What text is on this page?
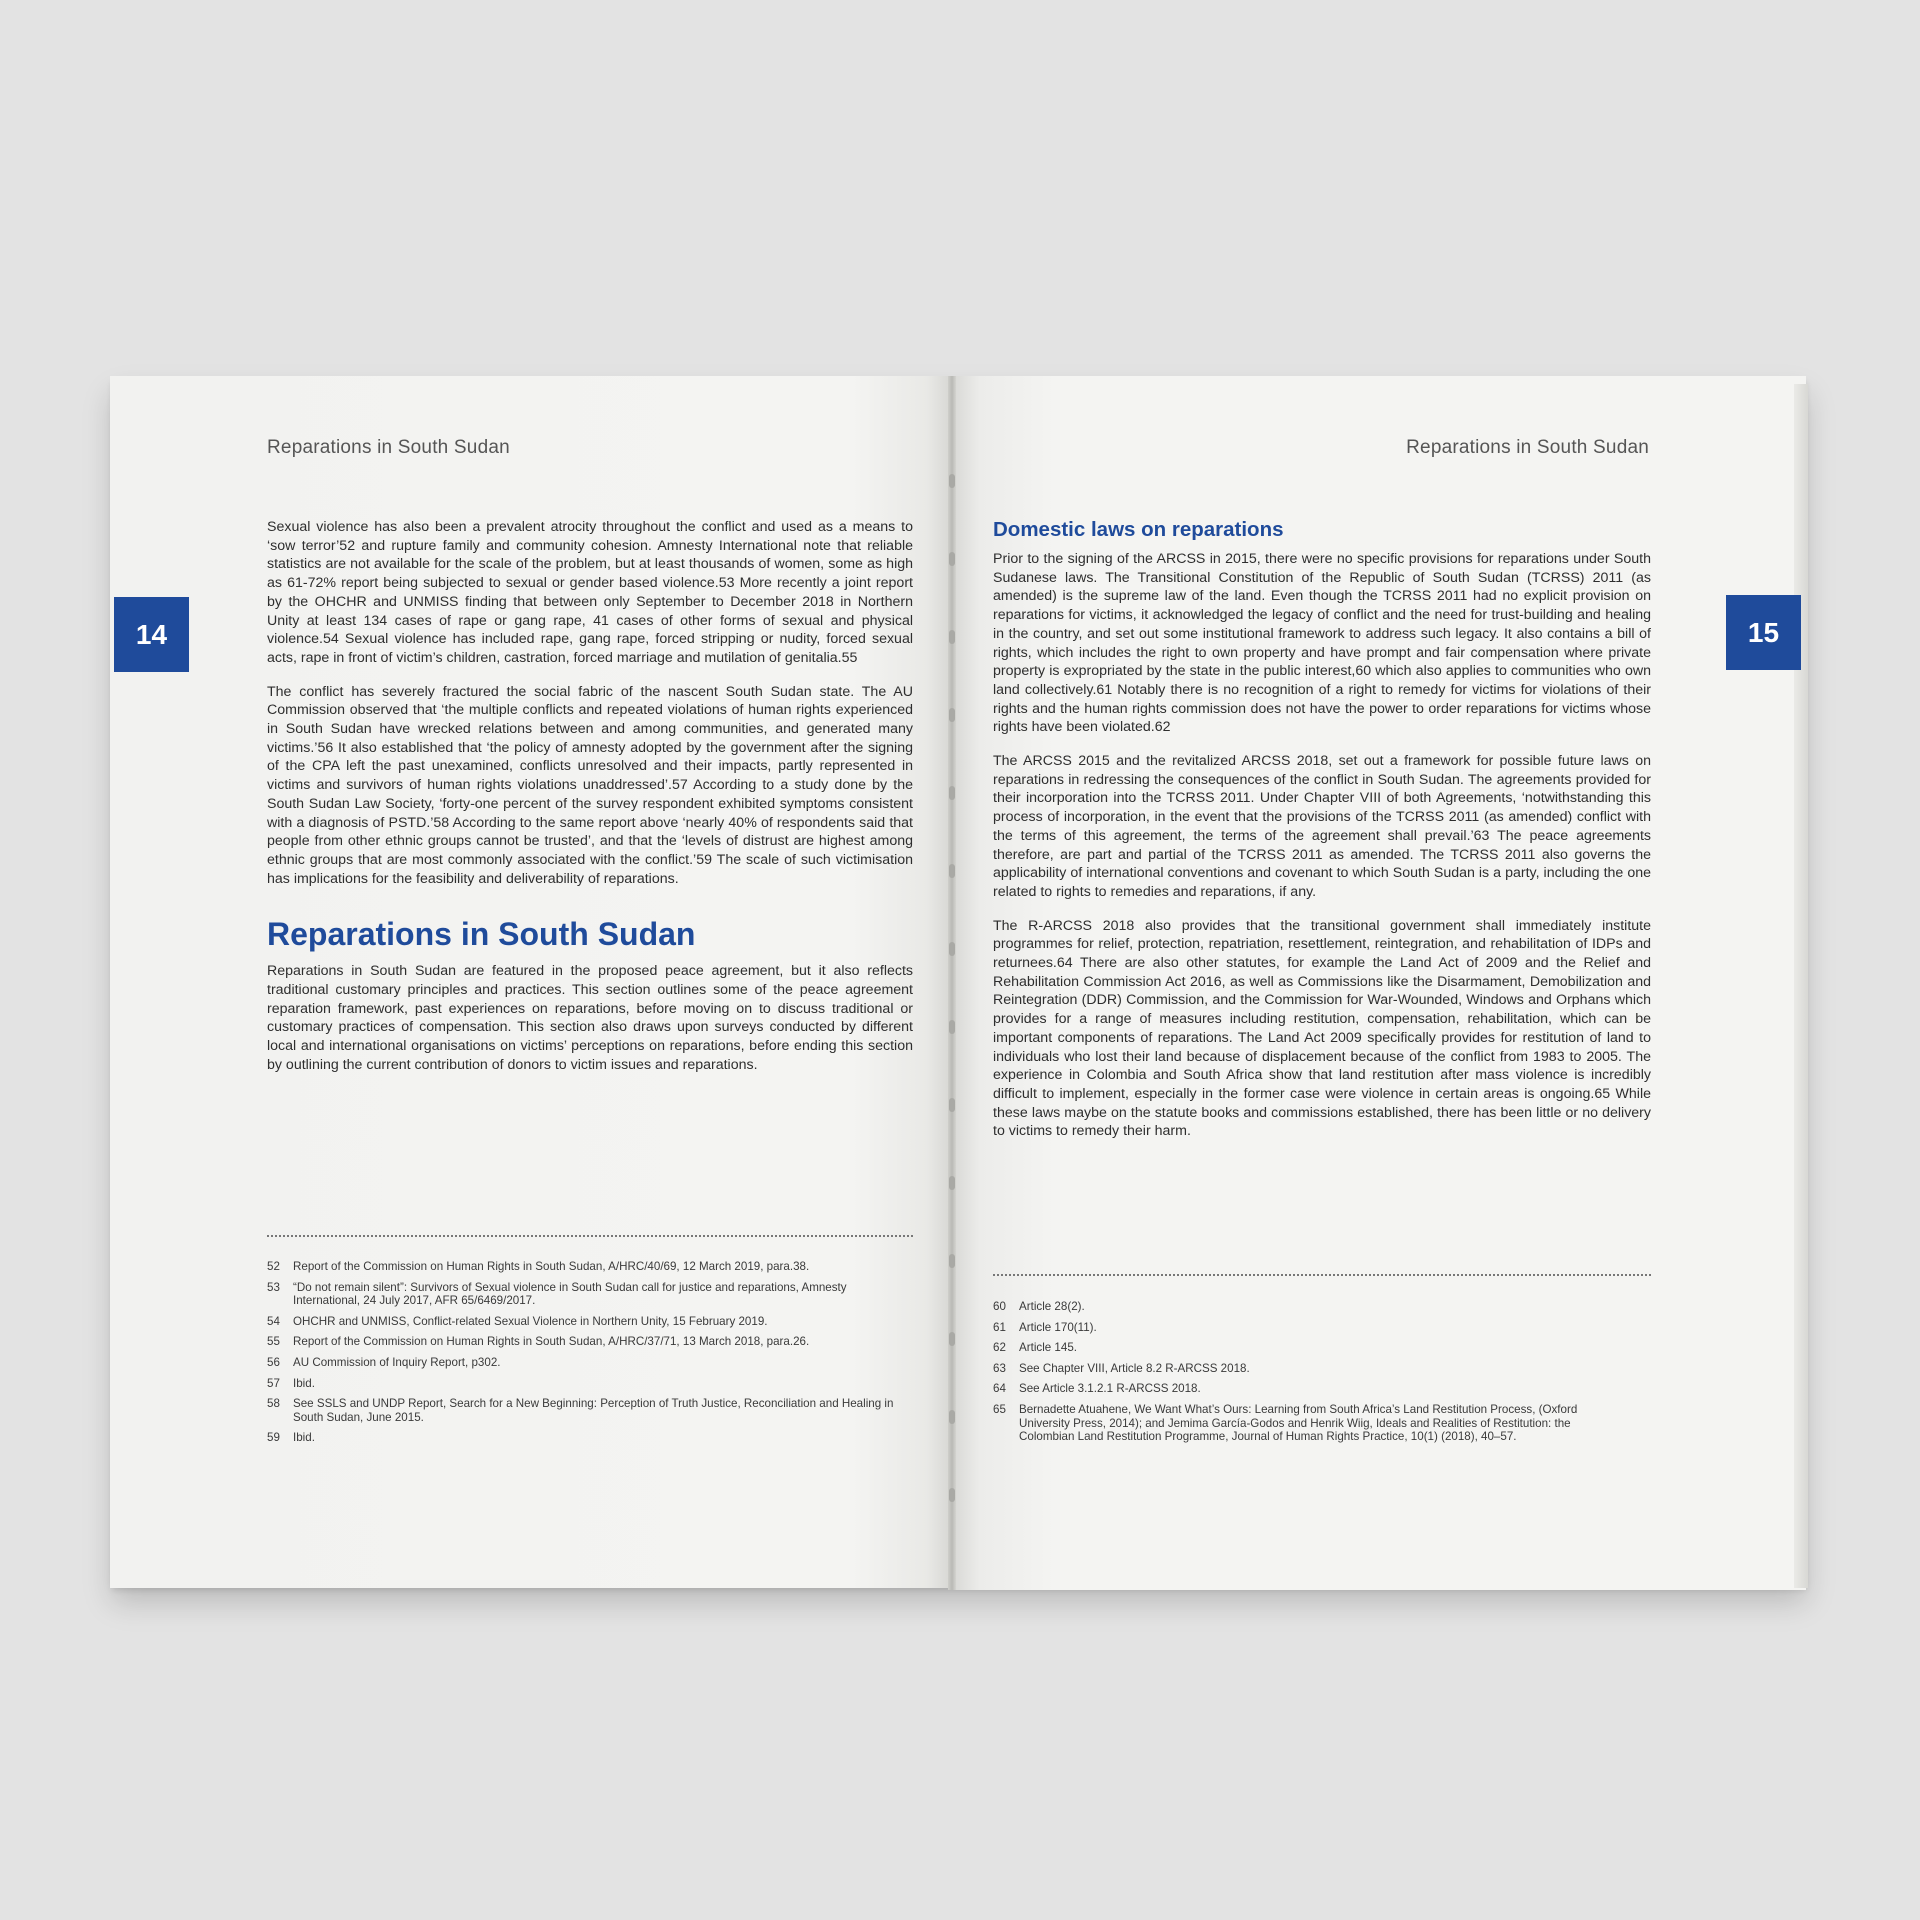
Reparations in South Sudan	Reparations in South Sudan
14	15

Sexual violence has also been a prevalent atrocity throughout the conflict and used as a means to ‘sow terror’52 and rupture family and community cohesion. Amnesty International note that reliable statistics are not available for the scale of the problem, but at least thousands of women, some as high as 61-72% report being subjected to sexual or gender based violence.53 More recently a joint report by the OHCHR and UNMISS finding that between only September to December 2018 in Northern Unity at least 134 cases of rape or gang rape, 41 cases of other forms of sexual and physical violence.54 Sexual violence has included rape, gang rape, forced stripping or nudity, forced sexual acts, rape in front of victim’s children, castration, forced marriage and mutilation of genitalia.55

The conflict has severely fractured the social fabric of the nascent South Sudan state. The AU Commission observed that ‘the multiple conflicts and repeated violations of human rights experienced in South Sudan have wrecked relations between and among communities, and generated many victims.’56 It also established that ‘the policy of amnesty adopted by the government after the signing of the CPA left the past unexamined, conflicts unresolved and their impacts, partly represented in victims and survivors of human rights violations unaddressed’.57 According to a study done by the South Sudan Law Society, ‘forty-one percent of the survey respondent exhibited symptoms consistent with a diagnosis of PSTD.’58 According to the same report above ‘nearly 40% of respondents said that people from other ethnic groups cannot be trusted’, and that the ‘levels of distrust are highest among ethnic groups that are most commonly associated with the conflict.’59 The scale of such victimisation has implications for the feasibility and deliverability of reparations.

Reparations in South Sudan

Reparations in South Sudan are featured in the proposed peace agreement, but it also reflects traditional customary principles and practices. This section outlines some of the peace agreement reparation framework, past experiences on reparations, before moving on to discuss traditional or customary practices of compensation. This section also draws upon surveys conducted by different local and international organisations on victims’ perceptions on reparations, before ending this section by outlining the current contribution of donors to victim issues and reparations.

52	Report of the Commission on Human Rights in South Sudan, A/HRC/40/69, 12 March 2019, para.38.
53	“Do not remain silent”: Survivors of Sexual violence in South Sudan call for justice and reparations, Amnesty International, 24 July 2017, AFR 65/6469/2017.
54	OHCHR and UNMISS, Conflict-related Sexual Violence in Northern Unity, 15 February 2019.
55	Report of the Commission on Human Rights in South Sudan, A/HRC/37/71, 13 March 2018, para.26.
56	AU Commission of Inquiry Report, p302.
57	Ibid.
58	See SSLS and UNDP Report, Search for a New Beginning: Perception of Truth Justice, Reconciliation and Healing in South Sudan, June 2015.
59	Ibid.
Domestic laws on reparations

Prior to the signing of the ARCSS in 2015, there were no specific provisions for reparations under South Sudanese laws. The Transitional Constitution of the Republic of South Sudan (TCRSS) 2011 (as amended) is the supreme law of the land. Even though the TCRSS 2011 had no explicit provision on reparations for victims, it acknowledged the legacy of conflict and the need for trust-building and healing in the country, and set out some institutional framework to address such legacy. It also contains a bill of rights, which includes the right to own property and have prompt and fair compensation where private property is expropriated by the state in the public interest,60 which also applies to communities who own land collectively.61 Notably there is no recognition of a right to remedy for victims for violations of their rights and the human rights commission does not have the power to order reparations for victims whose rights have been violated.62

The ARCSS 2015 and the revitalized ARCSS 2018, set out a framework for possible future laws on reparations in redressing the consequences of the conflict in South Sudan. The agreements provided for their incorporation into the TCRSS 2011. Under Chapter VIII of both Agreements, ‘notwithstanding this process of incorporation, in the event that the provisions of the TCRSS 2011 (as amended) conflict with the terms of this agreement, the terms of the agreement shall prevail.’63 The peace agreements therefore, are part and partial of the TCRSS 2011 as amended. The TCRSS 2011 also governs the applicability of international conventions and covenant to which South Sudan is a party, including the one related to rights to remedies and reparations, if any.

The R-ARCSS 2018 also provides that the transitional government shall immediately institute programmes for relief, protection, repatriation, resettlement, reintegration, and rehabilitation of IDPs and returnees.64 There are also other statutes, for example the Land Act of 2009 and the Relief and Rehabilitation Commission Act 2016, as well as Commissions like the Disarmament, Demobilization and Reintegration (DDR) Commission, and the Commission for War-Wounded, Windows and Orphans which provides for a range of measures including restitution, compensation, rehabilitation, which can be important components of reparations. The Land Act 2009 specifically provides for restitution of land to individuals who lost their land because of displacement because of the conflict from 1983 to 2005. The experience in Colombia and South Africa show that land restitution after mass violence is incredibly difficult to implement, especially in the former case were violence in certain areas is ongoing.65 While these laws maybe on the statute books and commissions established, there has been little or no delivery to victims to remedy their harm.

60	Article 28(2).
61	Article 170(11).
62	Article 145.
63	See Chapter VIII, Article 8.2 R-ARCSS 2018.
64	See Article 3.1.2.1 R-ARCSS 2018.
65	Bernadette Atuahene, We Want What’s Ours: Learning from South Africa’s Land Restitution Process, (Oxford University Press, 2014); and Jemima García-Godos and Henrik Wiig, Ideals and Realities of Restitution: the Colombian Land Restitution Programme, Journal of Human Rights Practice, 10(1) (2018), 40–57.
